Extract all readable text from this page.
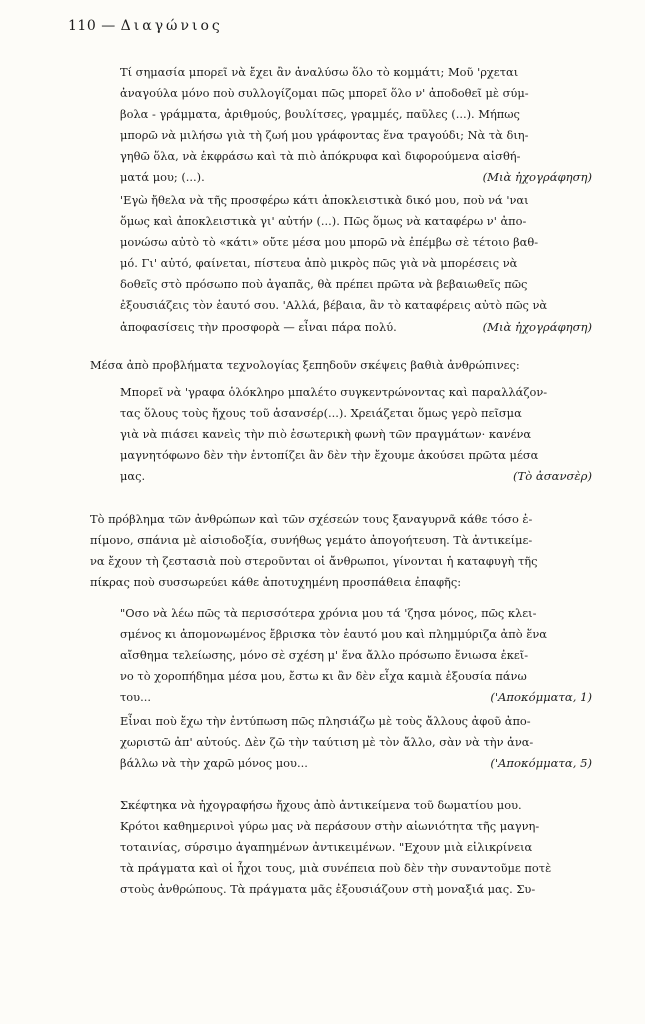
110 — Διαγώνιος
Τί σημασία μπορεῖ νὰ ἔχει ἂν ἀναλύσω ὅλο τὸ κομμάτι; Μοῦ 'ρχεται
ἀναγούλα μόνο ποὺ συλλογίζομαι πῶς μπορεῖ ὅλο ν' ἀποδοθεῖ μὲ σύμ-
βολα - γράμματα, ἀριθμούς, βουλίτσες, γραμμές, παῦλες (...). Μήπως
μπορῶ νὰ μιλήσω γιὰ τὴ ζωή μου γράφοντας ἕνα τραγούδι; Νὰ τὰ διη-
γηθῶ ὅλα, νὰ ἐκφράσω καὶ τὰ πιὸ ἀπόκρυφα καὶ διφορούμενα αἰσθή-
ματά μου; (...).	(Μιὰ ἠχογράφηση)
'Εγὼ ἤθελα νὰ τῆς προσφέρω κάτι ἀποκλειστικὰ δικό μου, ποὺ νά 'ναι
ὅμως καὶ ἀποκλειστικὰ γι' αὐτήν (...). Πῶς ὅμως νὰ καταφέρω ν' ἀπο-
μονώσω αὐτὸ τὸ «κάτι» οὔτε μέσα μου μπορῶ νὰ ἐπέμβω σὲ τέτοιο βαθ-
μό. Γι' αὐτό, φαίνεται, πίστευα ἀπὸ μικρὸς πῶς γιὰ νὰ μπορέσεις νὰ
δοθεῖς στὸ πρόσωπο ποὺ ἀγαπᾶς, θὰ πρέπει πρῶτα νὰ βεβαιωθεῖς πῶς
ἐξουσιάζεις τὸν ἑαυτό σου. 'Αλλά, βέβαια, ἂν τὸ καταφέρεις αὐτὸ πῶς νὰ
ἀποφασίσεις τὴν προσφορὰ — εἶναι πάρα πολύ.	(Μιὰ ἠχογράφηση)
Μέσα ἀπὸ προβλήματα τεχνολογίας ξεπηδοῦν σκέψεις βαθιὰ ἀνθρώπινες:
Μπορεῖ νὰ 'γραφα ὁλόκληρο μπαλέτο συγκεντρώνοντας καὶ παραλλάζον-
τας ὅλους τοὺς ἤχους τοῦ ἀσανσέρ(...). Χρειάζεται ὅμως γερὸ πεῖσμα
γιὰ νὰ πιάσει κανεὶς τὴν πιὸ ἐσωτερικὴ φωνὴ τῶν πραγμάτων· κανένα
μαγνητόφωνο δὲν τὴν ἐντοπίζει ἂν δὲν τὴν ἔχουμε ἀκούσει πρῶτα μέσα
μας.	(Τὸ ἀσανσὲρ)
Τὸ πρόβλημα τῶν ἀνθρώπων καὶ τῶν σχέσεών τους ξαναγυρνᾶ κάθε τόσο ἐ-
πίμονο, σπάνια μὲ αἰσιοδοξία, συνήθως γεμάτο ἀπογοήτευση. Τὰ ἀντικείμε-
να ἔχουν τὴ ζεστασιὰ ποὺ στεροῦνται οἱ ἄνθρωποι, γίνονται ἡ καταφυγὴ τῆς
πίκρας ποὺ συσσωρεύει κάθε ἀποτυχημένη προσπάθεια ἐπαφῆς:
"Οσο νὰ λέω πῶς τὰ περισσότερα χρόνια μου τά 'ζησα μόνος, πῶς κλει-
σμένος κι ἀπομονωμένος ἔβρισκα τὸν ἑαυτό μου καὶ πλημμύριζα ἀπὸ ἕνα
αἴσθημα τελείωσης, μόνο σὲ σχέση μ' ἕνα ἄλλο πρόσωπο ἔνιωσα ἐκεῖ-
νο τὸ χοροπήδημα μέσα μου, ἔστω κι ἂν δὲν εἶχα καμιὰ ἐξουσία πάνω
του...	('Αποκόμματα, 1)
Εἶναι ποὺ ἔχω τὴν ἐντύπωση πῶς πλησιάζω μὲ τοὺς ἄλλους ἀφοῦ ἀπο-
χωριστῶ ἀπ' αὐτούς. Δὲν ζῶ τὴν ταύτιση μὲ τὸν ἄλλο, σὰν νὰ τὴν ἀνα-
βάλλω νὰ τὴν χαρῶ μόνος μου...	('Αποκόμματα, 5)
Σκέφτηκα νὰ ἠχογραφήσω ἤχους ἀπὸ ἀντικείμενα τοῦ δωματίου μου.
Κρότοι καθημερινοὶ γύρω μας νὰ περάσουν στὴν αἰωνιότητα τῆς μαγνη-
τοταινίας, σύρσιμο ἀγαπημένων ἀντικειμένων. "Εχουν μιὰ εἰλικρίνεια
τὰ πράγματα καὶ οἱ ἦχοι τους, μιὰ συνέπεια ποὺ δὲν τὴν συναντοῦμε ποτὲ
στοὺς ἀνθρώπους. Τὰ πράγματα μᾶς ἐξουσιάζουν στὴ μοναξιά μας. Συ-
